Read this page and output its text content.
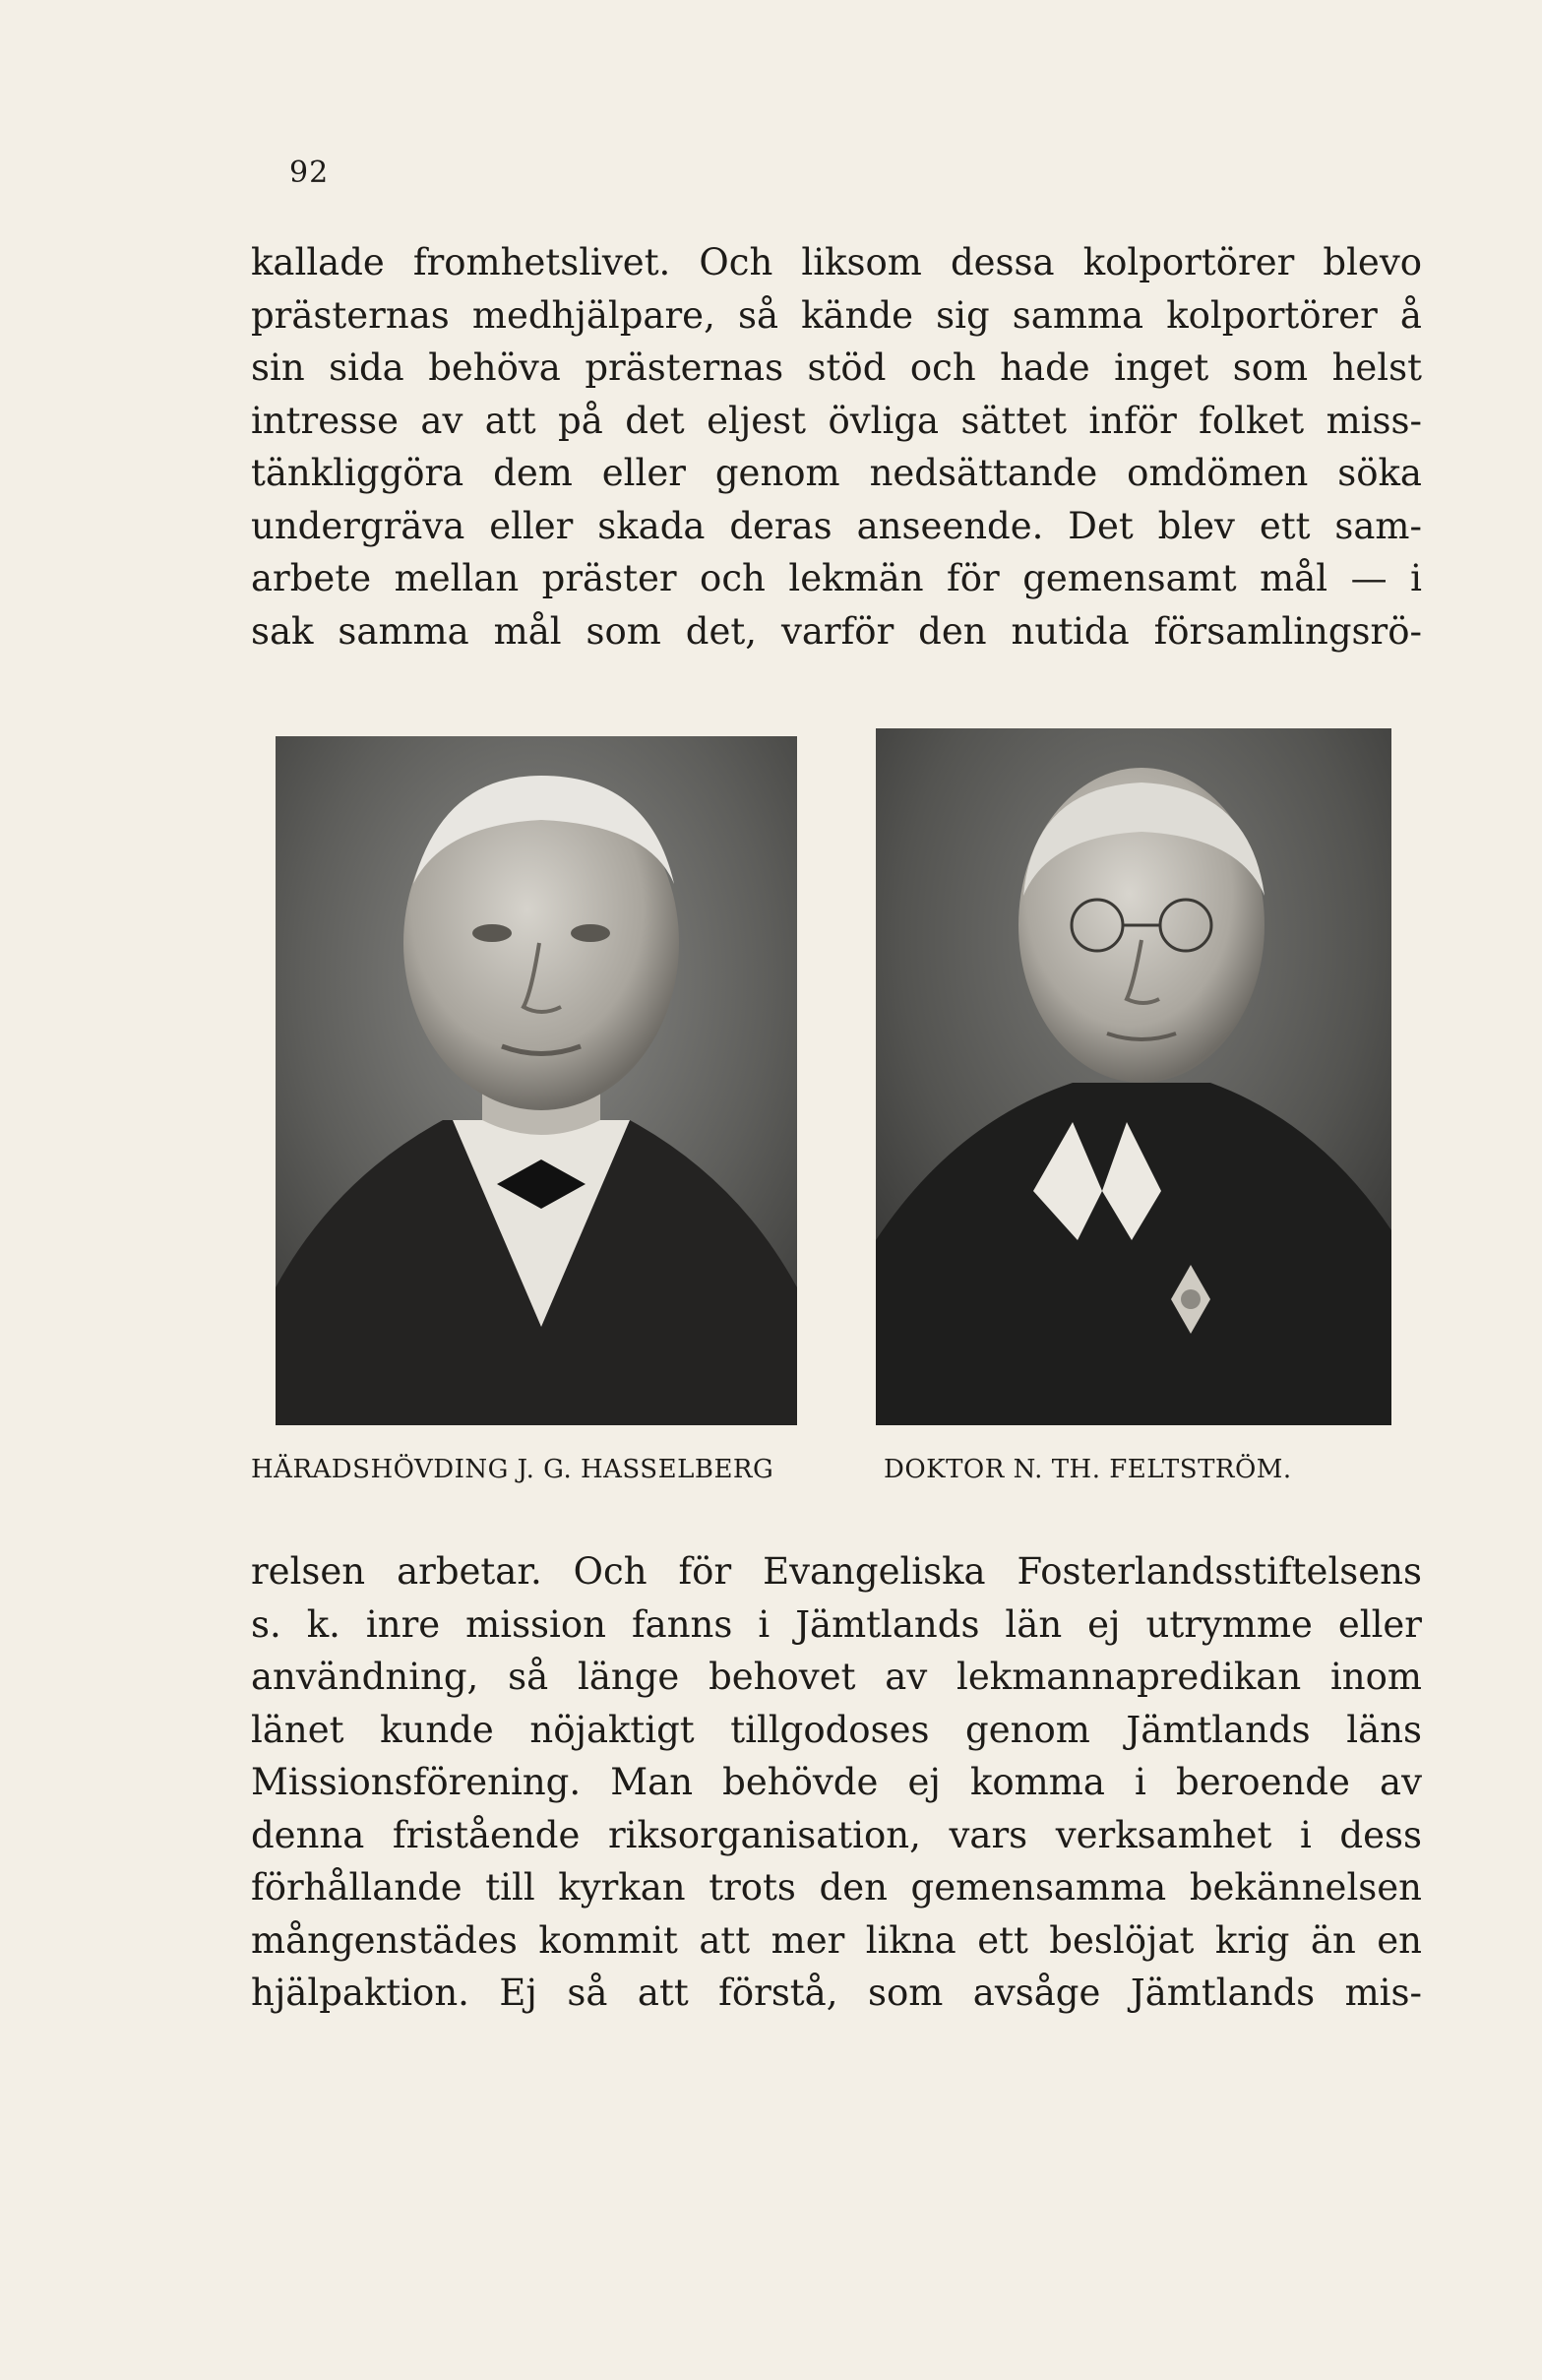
92
kallade fromhetslivet. Och liksom dessa kolportörer blevo
prästernas medhjälpare, så kände sig samma kolportörer å
sin sida behöva prästernas stöd och hade inget som helst
intresse av att på det eljest övliga sättet inför folket miss-
tänkliggöra dem eller genom nedsättande omdömen söka
undergräva eller skada deras anseende. Det blev ett sam-
arbete mellan präster och lekmän för gemensamt mål — i
sak samma mål som det, varför den nutida församlingsrö-
HÄRADSHÖVDING J. G. HASSELBERG	DOKTOR N. TH. FELTSTRÖM.
relsen arbetar. Och för Evangeliska Fosterlandsstiftelsens
s. k. inre mission fanns i Jämtlands län ej utrymme eller
användning, så länge behovet av lekmannapredikan inom
länet kunde nöjaktigt tillgodoses genom Jämtlands läns
Missionsförening. Man behövde ej komma i beroende av
denna fristående riksorganisation, vars verksamhet i dess
förhållande till kyrkan trots den gemensamma bekännelsen
mångenstädes kommit att mer likna ett beslöjat krig än en
hjälpaktion. Ej så att förstå, som avsåge Jämtlands mis-
